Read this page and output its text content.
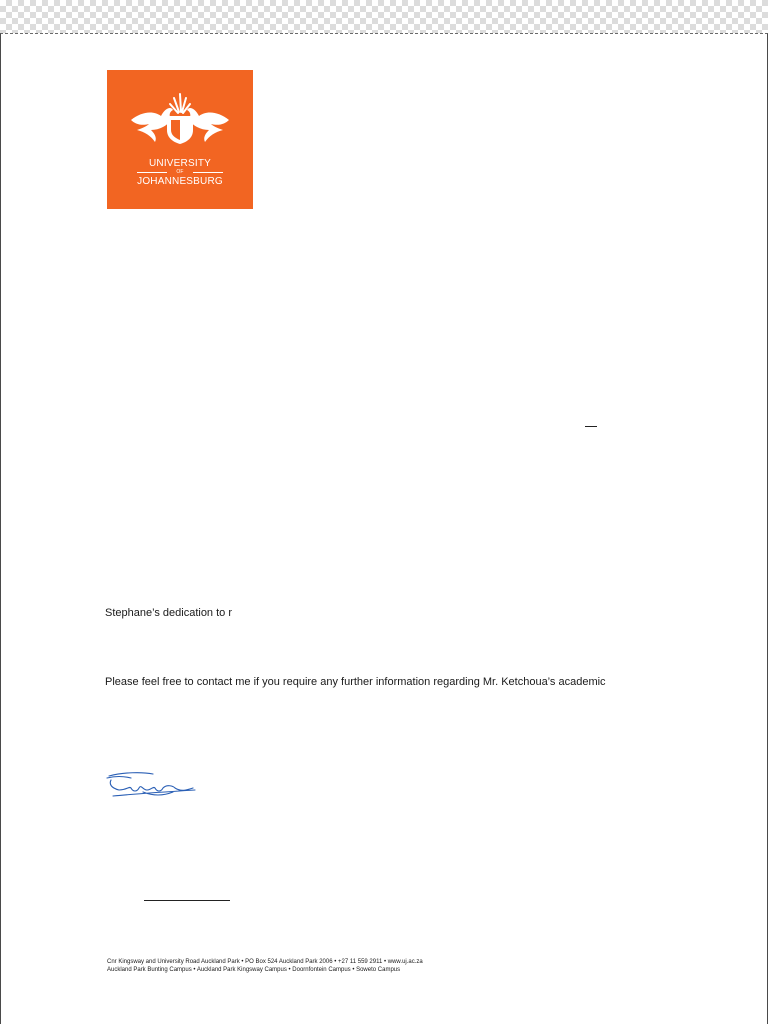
UNIVERSITY
OF
JOHANNESBURG
Stephane’s dedication to r
Please feel free to contact me if you require any further information regarding Mr. Ketchoua’s academic
Cnr Kingsway and University Road Auckland Park • PO Box 524 Auckland Park 2006 • +27 11 559 2911 • www.uj.ac.za
Auckland Park Bunting Campus • Auckland Park Kingsway Campus • Doornfontein Campus • Soweto Campus
